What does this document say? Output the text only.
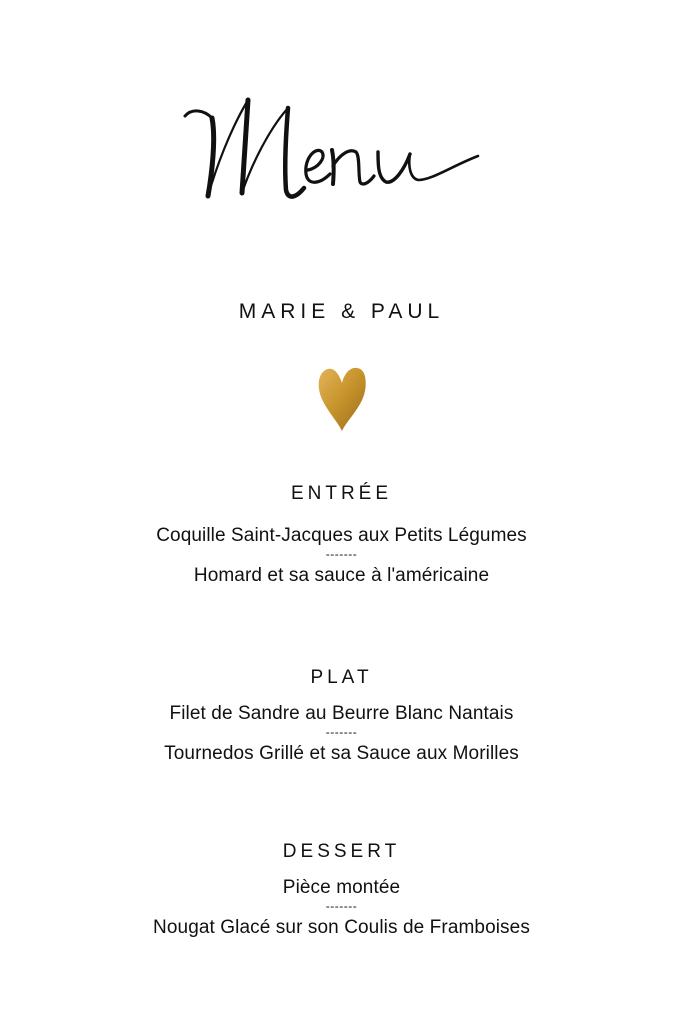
MARIE & PAUL
ENTRÉE
Coquille Saint-Jacques aux Petits Légumes
-------
Homard et sa sauce à l'américaine
PLAT
Filet de Sandre au Beurre Blanc Nantais
-------
Tournedos Grillé et sa Sauce aux Morilles
DESSERT
Pièce montée
-------
Nougat Glacé sur son Coulis de Framboises
